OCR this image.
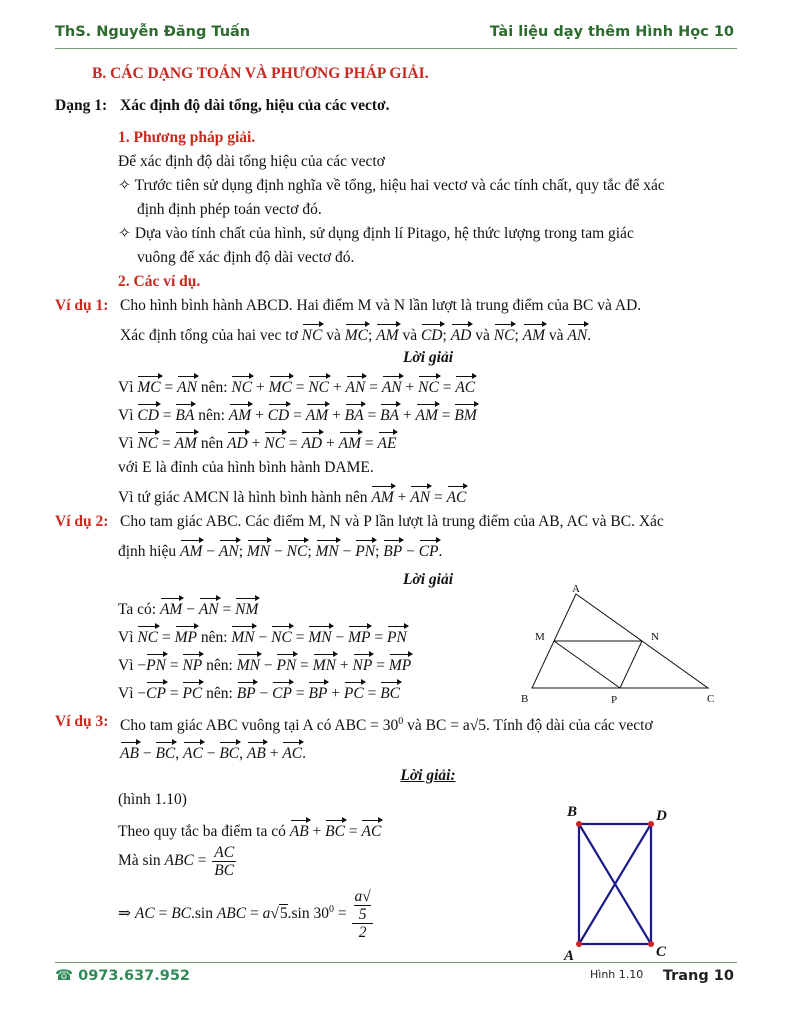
ThS. Nguyễn Đăng Tuấn	Tài liệu dạy thêm Hình Học 10
B. CÁC DẠNG TOÁN VÀ PHƯƠNG PHÁP GIẢI.
Dạng 1: Xác định độ dài tổng, hiệu của các vectơ.
1. Phương pháp giải.
Để xác định độ dài tổng hiệu của các vectơ
✧ Trước tiên sử dụng định nghĩa về tổng, hiệu hai vectơ và các tính chất, quy tắc để xác
định định phép toán vectơ đó.
✧ Dựa vào tính chất của hình, sử dụng định lí Pitago, hệ thức lượng trong tam giác
vuông để xác định độ dài vectơ đó.
2. Các ví dụ.
Ví dụ 1: Cho hình bình hành ABCD. Hai điểm M và N lần lượt là trung điểm của BC và AD.
Xác định tổng của hai vec tơ NC và MC; AM và CD; AD và NC; AM và AN.
Lời giải
Vì MC = AN nên: NC + MC = NC + AN = AN + NC = AC
Vì CD = BA nên: AM + CD = AM + BA = BA + AM = BM
Vì NC = AM nên AD + NC = AD + AM = AE
với E là đỉnh của hình bình hành DAME.
Vì tứ giác AMCN là hình bình hành nên AM + AN = AC
Ví dụ 2: Cho tam giác ABC. Các điểm M, N và P lần lượt là trung điểm của AB, AC và BC. Xác
định hiệu AM − AN; MN − NC; MN − PN; BP − CP.
Lời giải
Ta có: AM − AN = NM
Vì NC = MP nên: MN − NC = MN − MP = PN
Vì −PN = NP nên: MN − PN = MN + NP = MP
Vì −CP = PC nên: BP − CP = BP + PC = BC
A
B	C
M	N
P
Ví dụ 3: Cho tam giác ABC vuông tại A có ABC = $30^0$ và BC = a√5. Tính độ dài của các vectơ
AB − BC, AC − BC, AB + AC.
Lời giải:
(hình 1.10)
Theo quy tắc ba điểm ta có AB + BC = AC
Mà sin ABC = $\frac{AC}{BC}$
⇒ AC = BC.sin ABC = a√5.sin $30^0 = a√$
5
2
B	D
A	C
☎ 0973.637.952	Hình 1.10 Trang 10
